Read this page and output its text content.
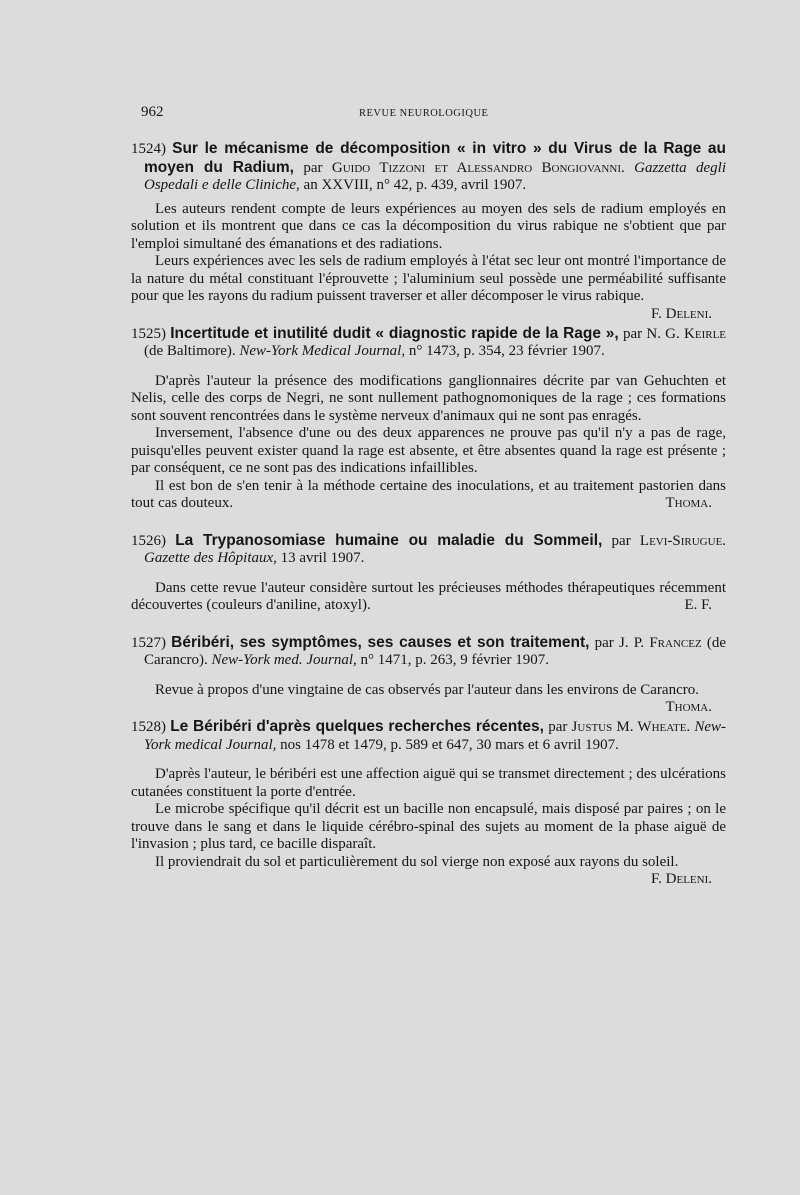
962	REVUE NEUROLOGIQUE

1524) Sur le mécanisme de décomposition « in vitro » du Virus de la Rage au moyen du Radium, par Guido Tizzoni et Alessandro Bongiovanni. Gazzetta degli Ospedali e delle Cliniche, an XXVIII, n° 42, p. 439, avril 1907.

Les auteurs rendent compte de leurs expériences au moyen des sels de radium employés en solution et ils montrent que dans ce cas la décomposition du virus rabique ne s'obtient que par l'emploi simultané des émanations et des radiations.

Leurs expériences avec les sels de radium employés à l'état sec leur ont montré l'importance de la nature du métal constituant l'éprouvette ; l'aluminium seul possède une perméabilité suffisante pour que les rayons du radium puissent traverser et aller décomposer le virus rabique.
F. Deleni.

1525) Incertitude et inutilité dudit « diagnostic rapide de la Rage », par N. G. Keirle (de Baltimore). New-York Medical Journal, n° 1473, p. 354, 23 février 1907.

D'après l'auteur la présence des modifications ganglionnaires décrite par van Gehuchten et Nelis, celle des corps de Negri, ne sont nullement pathognomoniques de la rage ; ces formations sont souvent rencontrées dans le système nerveux d'animaux qui ne sont pas enragés.

Inversement, l'absence d'une ou des deux apparences ne prouve pas qu'il n'y a pas de rage, puisqu'elles peuvent exister quand la rage est absente, et être absentes quand la rage est présente ; par conséquent, ce ne sont pas des indications infaillibles.

Il est bon de s'en tenir à la méthode certaine des inoculations, et au traitement pastorien dans tout cas douteux.	Thoma.

1526) La Trypanosomiase humaine ou maladie du Sommeil, par Levi-Sirugue. Gazette des Hôpitaux, 13 avril 1907.

Dans cette revue l'auteur considère surtout les précieuses méthodes thérapeutiques récemment découvertes (couleurs d'aniline, atoxyl).	E. F.

1527) Béribéri, ses symptômes, ses causes et son traitement, par J. P. Francez (de Carancro). New-York med. Journal, n° 1471, p. 263, 9 février 1907.

Revue à propos d'une vingtaine de cas observés par l'auteur dans les environs de Carancro.
Thoma.

1528) Le Béribéri d'après quelques recherches récentes, par Justus M. Wheate. New-York medical Journal, nos 1478 et 1479, p. 589 et 647, 30 mars et 6 avril 1907.

D'après l'auteur, le béribéri est une affection aiguë qui se transmet directement ; des ulcérations cutanées constituent la porte d'entrée.

Le microbe spécifique qu'il décrit est un bacille non encapsulé, mais disposé par paires ; on le trouve dans le sang et dans le liquide cérébro-spinal des sujets au moment de la phase aiguë de l'invasion ; plus tard, ce bacille disparaît.

Il proviendrait du sol et particulièrement du sol vierge non exposé aux rayons du soleil.
F. Deleni.
